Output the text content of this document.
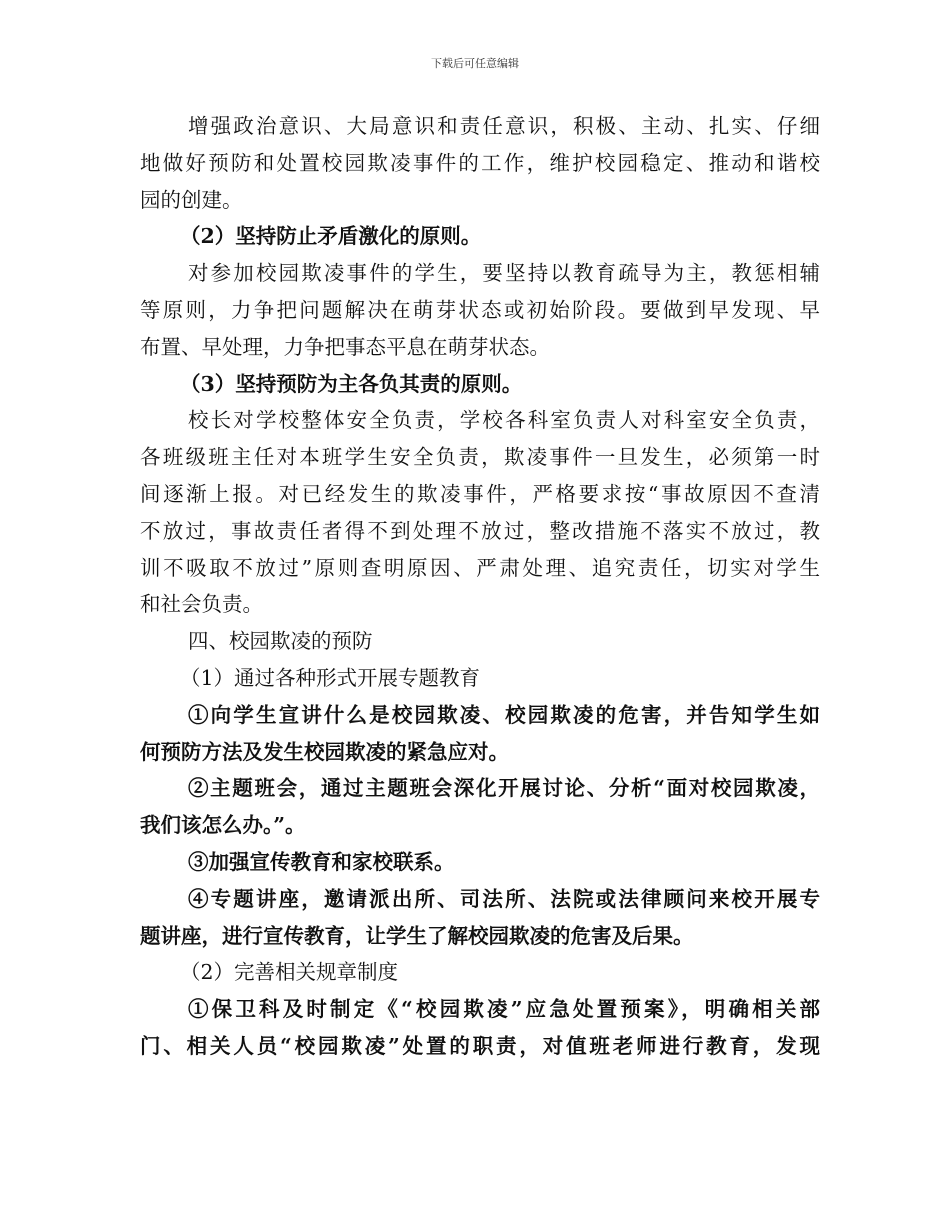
下载后可任意编辑
增强政治意识、大局意识和责任意识，积极、主动、扎实、仔细
地做好预防和处置校园欺凌事件的工作，维护校园稳定、推动和谐校
园的创建。
（2）坚持防止矛盾激化的原则。
对参加校园欺凌事件的学生，要坚持以教育疏导为主，教惩相辅
等原则，力争把问题解决在萌芽状态或初始阶段。要做到早发现、早
布置、早处理，力争把事态平息在萌芽状态。
（3）坚持预防为主各负其责的原则。
校长对学校整体安全负责，学校各科室负责人对科室安全负责，
各班级班主任对本班学生安全负责，欺凌事件一旦发生，必须第一时
间逐渐上报。对已经发生的欺凌事件，严格要求按“事故原因不查清
不放过，事故责任者得不到处理不放过，整改措施不落实不放过，教
训不吸取不放过”原则查明原因、严肃处理、追究责任，切实对学生
和社会负责。
四、校园欺凌的预防
（1）通过各种形式开展专题教育
①向学生宣讲什么是校园欺凌、校园欺凌的危害，并告知学生如
何预防方法及发生校园欺凌的紧急应对。
②主题班会，通过主题班会深化开展讨论、分析“面对校园欺凌，
我们该怎么办。”。
③加强宣传教育和家校联系。
④专题讲座，邀请派出所、司法所、法院或法律顾问来校开展专
题讲座，进行宣传教育，让学生了解校园欺凌的危害及后果。
（2）完善相关规章制度
①保卫科及时制定《“校园欺凌”应急处置预案》，明确相关部
门、相关人员“校园欺凌”处置的职责，对值班老师进行教育，发现
